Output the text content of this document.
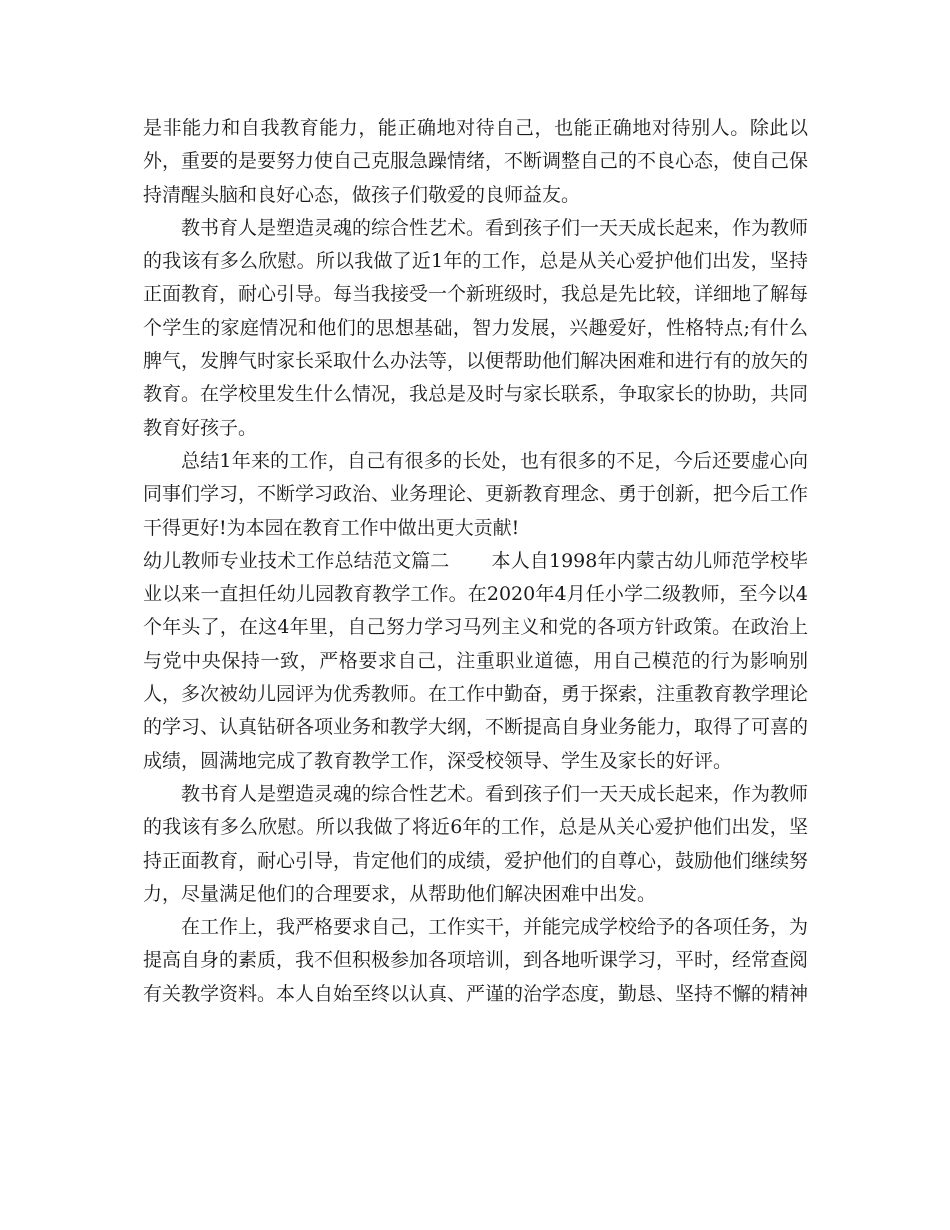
是非能力和自我教育能力，能正确地对待自己，也能正确地对待别人。除此以外，重要的是要努力使自己克服急躁情绪，不断调整自己的不良心态，使自己保持清醒头脑和良好心态，做孩子们敬爱的良师益友。

教书育人是塑造灵魂的综合性艺术。看到孩子们一天天成长起来，作为教师的我该有多么欣慰。所以我做了近1年的工作，总是从关心爱护他们出发，坚持正面教育，耐心引导。每当我接受一个新班级时，我总是先比较，详细地了解每个学生的家庭情况和他们的思想基础，智力发展，兴趣爱好，性格特点;有什么脾气，发脾气时家长采取什么办法等，以便帮助他们解决困难和进行有的放矢的教育。在学校里发生什么情况，我总是及时与家长联系，争取家长的协助，共同教育好孩子。

总结1年来的工作，自己有很多的长处，也有很多的不足，今后还要虚心向同事们学习，不断学习政治、业务理论、更新教育理念、勇于创新，把今后工作干得更好!为本园在教育工作中做出更大贡献!

幼儿教师专业技术工作总结范文篇二 本人自1998年内蒙古幼儿师范学校毕业以来一直担任幼儿园教育教学工作。在2020年4月任小学二级教师，至今以4个年头了，在这4年里，自己努力学习马列主义和党的各项方针政策。在政治上与党中央保持一致，严格要求自己，注重职业道德，用自己模范的行为影响别人，多次被幼儿园评为优秀教师。在工作中勤奋，勇于探索，注重教育教学理论的学习、认真钻研各项业务和教学大纲，不断提高自身业务能力，取得了可喜的成绩，圆满地完成了教育教学工作，深受校领导、学生及家长的好评。

教书育人是塑造灵魂的综合性艺术。看到孩子们一天天成长起来，作为教师的我该有多么欣慰。所以我做了将近6年的工作，总是从关心爱护他们出发，坚持正面教育，耐心引导，肯定他们的成绩，爱护他们的自尊心，鼓励他们继续努力，尽量满足他们的合理要求，从帮助他们解决困难中出发。

在工作上，我严格要求自己，工作实干，并能完成学校给予的各项任务，为提高自身的素质，我不但积极参加各项培训，到各地听课学习，平时，经常查阅有关教学资料。本人自始至终以认真、严谨的治学态度，勤恳、坚持不懈的精神
